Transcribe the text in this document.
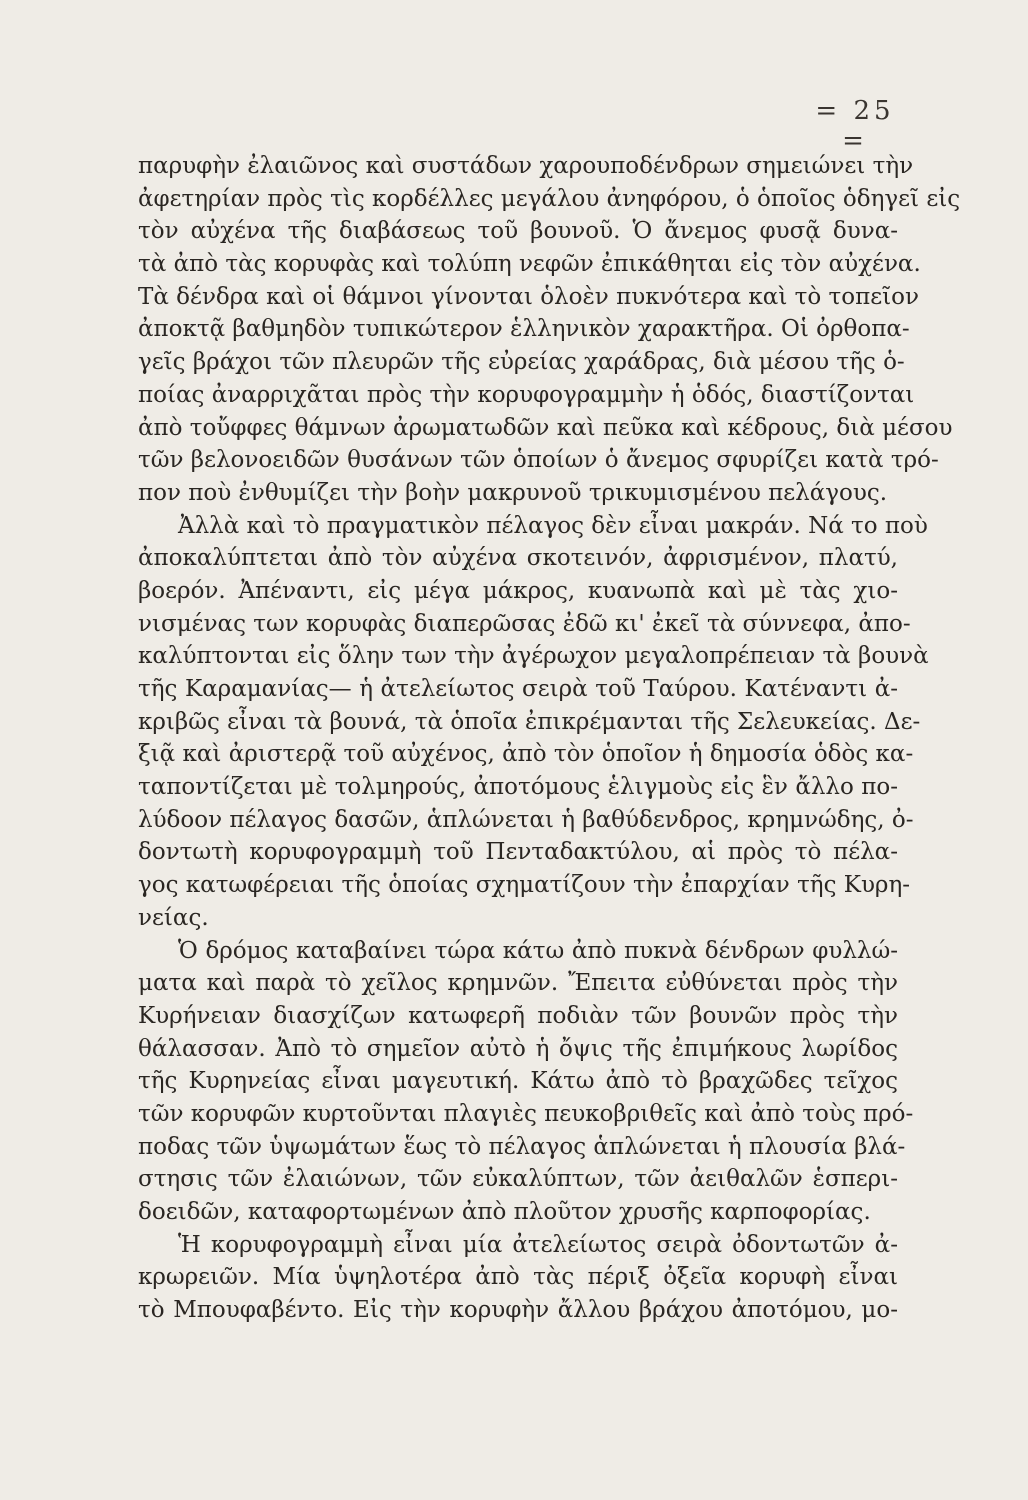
= 25 =
παρυφὴν ἐλαιῶνος καὶ συστάδων χαρουποδένδρων σημειώνει τὴν
ἀφετηρίαν πρὸς τὶς κορδέλλες μεγάλου ἀνηφόρου, ὁ ὁποῖος ὁδηγεῖ εἰς
τὸν αὐχένα τῆς διαβάσεως τοῦ βουνοῦ. Ὁ ἄνεμος φυσᾷ δυνα-
τὰ ἀπὸ τὰς κορυφὰς καὶ τολύπη νεφῶν ἐπικάθηται εἰς τὸν αὐχένα.
Τὰ δένδρα καὶ οἱ θάμνοι γίνονται ὁλοὲν πυκνότερα καὶ τὸ τοπεῖον
ἀποκτᾷ βαθμηδὸν τυπικώτερον ἑλληνικὸν χαρακτῆρα. Οἱ ὀρθοπα-
γεῖς βράχοι τῶν πλευρῶν τῆς εὐρείας χαράδρας, διὰ μέσου τῆς ὁ-
ποίας ἀναρριχᾶται πρὸς τὴν κορυφογραμμὴν ἡ ὁδός, διαστίζονται
ἀπὸ τοὔφφες θάμνων ἀρωματωδῶν καὶ πεῦκα καὶ κέδρους, διὰ μέσου
τῶν βελονοειδῶν θυσάνων τῶν ὁποίων ὁ ἄνεμος σφυρίζει κατὰ τρό-
πον ποὺ ἐνθυμίζει τὴν βοὴν μακρυνοῦ τρικυμισμένου πελάγους.
Ἀλλὰ καὶ τὸ πραγματικὸν πέλαγος δὲν εἶναι μακράν. Νά το ποὺ
ἀποκαλύπτεται ἀπὸ τὸν αὐχένα σκοτεινόν, ἀφρισμένον, πλατύ,
βοερόν. Ἀπέναντι, εἰς μέγα μάκρος, κυανωπὰ καὶ μὲ τὰς χιο-
νισμένας των κορυφὰς διαπερῶσας ἐδῶ κι' ἐκεῖ τὰ σύννεφα, ἀπο-
καλύπτονται εἰς ὅλην των τὴν ἀγέρωχον μεγαλοπρέπειαν τὰ βουνὰ
τῆς Καραμανίας— ἡ ἀτελείωτος σειρὰ τοῦ Ταύρου. Κατέναντι ἀ-
κριβῶς εἶναι τὰ βουνά, τὰ ὁποῖα ἐπικρέμανται τῆς Σελευκείας. Δε-
ξιᾷ καὶ ἀριστερᾷ τοῦ αὐχένος, ἀπὸ τὸν ὁποῖον ἡ δημοσία ὁδὸς κα-
ταποντίζεται μὲ τολμηρούς, ἀποτόμους ἑλιγμοὺς εἰς ἓν ἄλλο πο-
λύδοον πέλαγος δασῶν, ἁπλώνεται ἡ βαθύδενδρος, κρημνώδης, ὀ-
δοντωτὴ κορυφογραμμὴ τοῦ Πενταδακτύλου, αἱ πρὸς τὸ πέλα-
γος κατωφέρειαι τῆς ὁποίας σχηματίζουν τὴν ἐπαρχίαν τῆς Κυρη-
νείας.
Ὁ δρόμος καταβαίνει τώρα κάτω ἀπὸ πυκνὰ δένδρων φυλλώ-
ματα καὶ παρὰ τὸ χεῖλος κρημνῶν. Ἔπειτα εὐθύνεται πρὸς τὴν
Κυρήνειαν διασχίζων κατωφερῆ ποδιὰν τῶν βουνῶν πρὸς τὴν
θάλασσαν. Ἀπὸ τὸ σημεῖον αὐτὸ ἡ ὄψις τῆς ἐπιμήκους λωρίδος
τῆς Κυρηνείας εἶναι μαγευτική. Κάτω ἀπὸ τὸ βραχῶδες τεῖχος
τῶν κορυφῶν κυρτοῦνται πλαγιὲς πευκοβριθεῖς καὶ ἀπὸ τοὺς πρό-
ποδας τῶν ὑψωμάτων ἕως τὸ πέλαγος ἁπλώνεται ἡ πλουσία βλά-
στησις τῶν ἐλαιώνων, τῶν εὐκαλύπτων, τῶν ἀειθαλῶν ἑσπερι-
δοειδῶν, καταφορτωμένων ἀπὸ πλοῦτον χρυσῆς καρποφορίας.
Ἡ κορυφογραμμὴ εἶναι μία ἀτελείωτος σειρὰ ὀδοντωτῶν ἀ-
κρωρειῶν. Μία ὑψηλοτέρα ἀπὸ τὰς πέριξ ὀξεῖα κορυφὴ εἶναι
τὸ Μπουφαβέντο. Εἰς τὴν κορυφὴν ἄλλου βράχου ἀποτόμου, μο-
